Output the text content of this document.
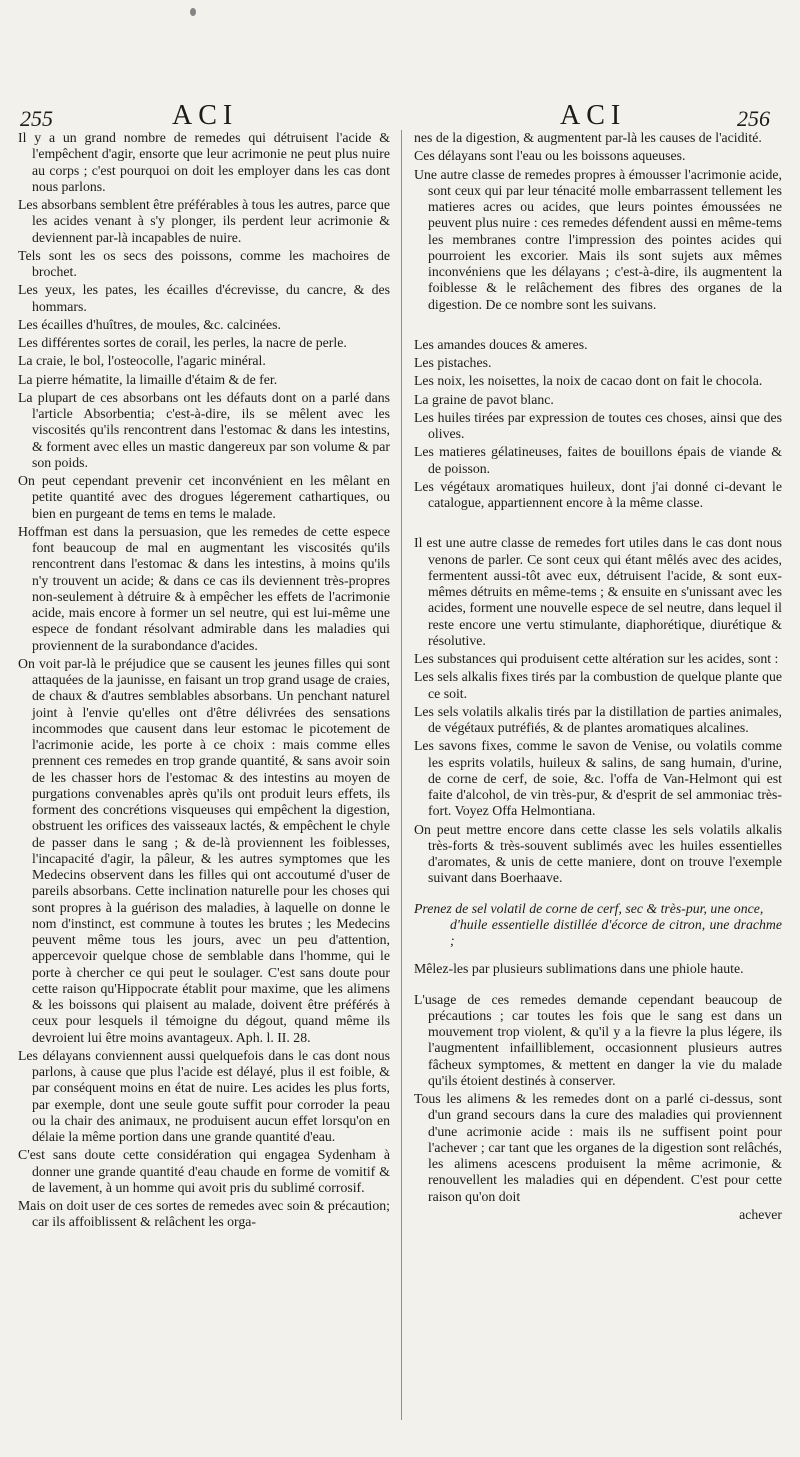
255	ACI	ACI	256

Il y a un grand nombre de remedes qui détruisent l'acide & l'empêchent d'agir, ensorte que leur acrimonie ne peut plus nuire au corps ; c'est pourquoi on doit les employer dans les cas dont nous parlons.

Les absorbans semblent être préférables à tous les autres, parce que les acides venant à s'y plonger, ils perdent leur acrimonie & deviennent par-là incapables de nuire.

Tels sont les os secs des poissons, comme les machoires de brochet.

Les yeux, les pates, les écailles d'écrevisse, du cancre, & des hommars.

Les écailles d'huîtres, de moules, &c. calcinées.

Les différentes sortes de corail, les perles, la nacre de perle.

La craie, le bol, l'osteocolle, l'agaric minéral.

La pierre hématite, la limaille d'étaim & de fer.

La plupart de ces absorbans ont les défauts dont on a parlé dans l'article Absorbentia; c'est-à-dire, ils se mêlent avec les viscosités qu'ils rencontrent dans l'estomac & dans les intestins, & forment avec elles un mastic dangereux par son volume & par son poids.

On peut cependant prevenir cet inconvénient en les mêlant en petite quantité avec des drogues légerement cathartiques, ou bien en purgeant de tems en tems le malade.

Hoffman est dans la persuasion, que les remedes de cette espece font beaucoup de mal en augmentant les viscosités qu'ils rencontrent dans l'estomac & dans les intestins, à moins qu'ils n'y trouvent un acide; & dans ce cas ils deviennent très-propres non-seulement à détruire & à empêcher les effets de l'acrimonie acide, mais encore à former un sel neutre, qui est lui-même une espece de fondant résolvant admirable dans les maladies qui proviennent de la surabondance d'acides.

On voit par-là le préjudice que se causent les jeunes filles qui sont attaquées de la jaunisse, en faisant un trop grand usage de craies, de chaux & d'autres semblables absorbans. Un penchant naturel joint à l'envie qu'elles ont d'être délivrées des sensations incommodes que causent dans leur estomac le picotement de l'acrimonie acide, les porte à ce choix : mais comme elles prennent ces remedes en trop grande quantité, & sans avoir soin de les chasser hors de l'estomac & des intestins au moyen de purgations convenables après qu'ils ont produit leurs effets, ils forment des concrétions visqueuses qui empêchent la digestion, obstruent les orifices des vaisseaux lactés, & empêchent le chyle de passer dans le sang ; & de-là proviennent les foiblesses, l'incapacité d'agir, la pâleur, & les autres symptomes que les Medecins observent dans les filles qui ont accoutumé d'user de pareils absorbans. Cette inclination naturelle pour les choses qui sont propres à la guérison des maladies, à laquelle on donne le nom d'instinct, est commune à toutes les brutes ; les Medecins peuvent même tous les jours, avec un peu d'attention, appercevoir quelque chose de semblable dans l'homme, qui le porte à chercher ce qui peut le soulager. C'est sans doute pour cette raison qu'Hippocrate établit pour maxime, que les alimens & les boissons qui plaisent au malade, doivent être préférés à ceux pour lesquels il témoigne du dégout, quand même ils devroient lui être moins avantageux. Aph. l. II. 28.

Les délayans conviennent aussi quelquefois dans le cas dont nous parlons, à cause que plus l'acide est délayé, plus il est foible, & par conséquent moins en état de nuire. Les acides les plus forts, par exemple, dont une seule goute suffit pour corroder la peau ou la chair des animaux, ne produisent aucun effet lorsqu'on en délaie la même portion dans une grande quantité d'eau.

C'est sans doute cette considération qui engagea Sydenham à donner une grande quantité d'eau chaude en forme de vomitif & de lavement, à un homme qui avoit pris du sublimé corrosif.

Mais on doit user de ces sortes de remedes avec soin & précaution; car ils affoiblissent & relâchent les orga-

nes de la digestion, & augmentent par-là les causes de l'acidité.

Ces délayans sont l'eau ou les boissons aqueuses.

Une autre classe de remedes propres à émousser l'acrimonie acide, sont ceux qui par leur ténacité molle embarrassent tellement les matieres acres ou acides, que leurs pointes émoussées ne peuvent plus nuire : ces remedes défendent aussi en même-tems les membranes contre l'impression des pointes acides qui pourroient les excorier. Mais ils sont sujets aux mêmes inconvéniens que les délayans ; c'est-à-dire, ils augmentent la foiblesse & le relâchement des fibres des organes de la digestion. De ce nombre sont les suivans.

Les amandes douces & ameres.

Les pistaches.

Les noix, les noisettes, la noix de cacao dont on fait le chocola.

La graine de pavot blanc.

Les huiles tirées par expression de toutes ces choses, ainsi que des olives.

Les matieres gélatineuses, faites de bouillons épais de viande & de poisson.

Les végétaux aromatiques huileux, dont j'ai donné ci-devant le catalogue, appartiennent encore à la même classe.

Il est une autre classe de remedes fort utiles dans le cas dont nous venons de parler. Ce sont ceux qui étant mêlés avec des acides, fermentent aussi-tôt avec eux, détruisent l'acide, & sont eux-mêmes détruits en même-tems ; & ensuite en s'unissant avec les acides, forment une nouvelle espece de sel neutre, dans lequel il reste encore une vertu stimulante, diaphorétique, diurétique & résolutive.

Les substances qui produisent cette altération sur les acides, sont :

Les sels alkalis fixes tirés par la combustion de quelque plante que ce soit.

Les sels volatils alkalis tirés par la distillation de parties animales, de végétaux putréfiés, & de plantes aromatiques alcalines.

Les savons fixes, comme le savon de Venise, ou volatils comme les esprits volatils, huileux & salins, de sang humain, d'urine, de corne de cerf, de soie, &c. l'offa de Van-Helmont qui est faite d'alcohol, de vin très-pur, & d'esprit de sel ammoniac très-fort. Voyez Offa Helmontiana.

On peut mettre encore dans cette classe les sels volatils alkalis très-forts & très-souvent sublimés avec les huiles essentielles d'aromates, & unis de cette maniere, dont on trouve l'exemple suivant dans Boerhaave.

Prenez de sel volatil de corne de cerf, sec & très-pur, une once,

d'huile essentielle distillée d'écorce de citron, une drachme ;

Mêlez-les par plusieurs sublimations dans une phiole haute.

L'usage de ces remedes demande cependant beaucoup de précautions ; car toutes les fois que le sang est dans un mouvement trop violent, & qu'il y a la fievre la plus légere, ils l'augmentent infailliblement, occasionnent plusieurs autres fâcheux symptomes, & mettent en danger la vie du malade qu'ils étoient destinés à conserver.

Tous les alimens & les remedes dont on a parlé ci-dessus, sont d'un grand secours dans la cure des maladies qui proviennent d'une acrimonie acide : mais ils ne suffisent point pour l'achever ; car tant que les organes de la digestion sont relâchés, les alimens acescens produisent la même acrimonie, & renouvellent les maladies qui en dépendent. C'est pour cette raison qu'on doit

achever
